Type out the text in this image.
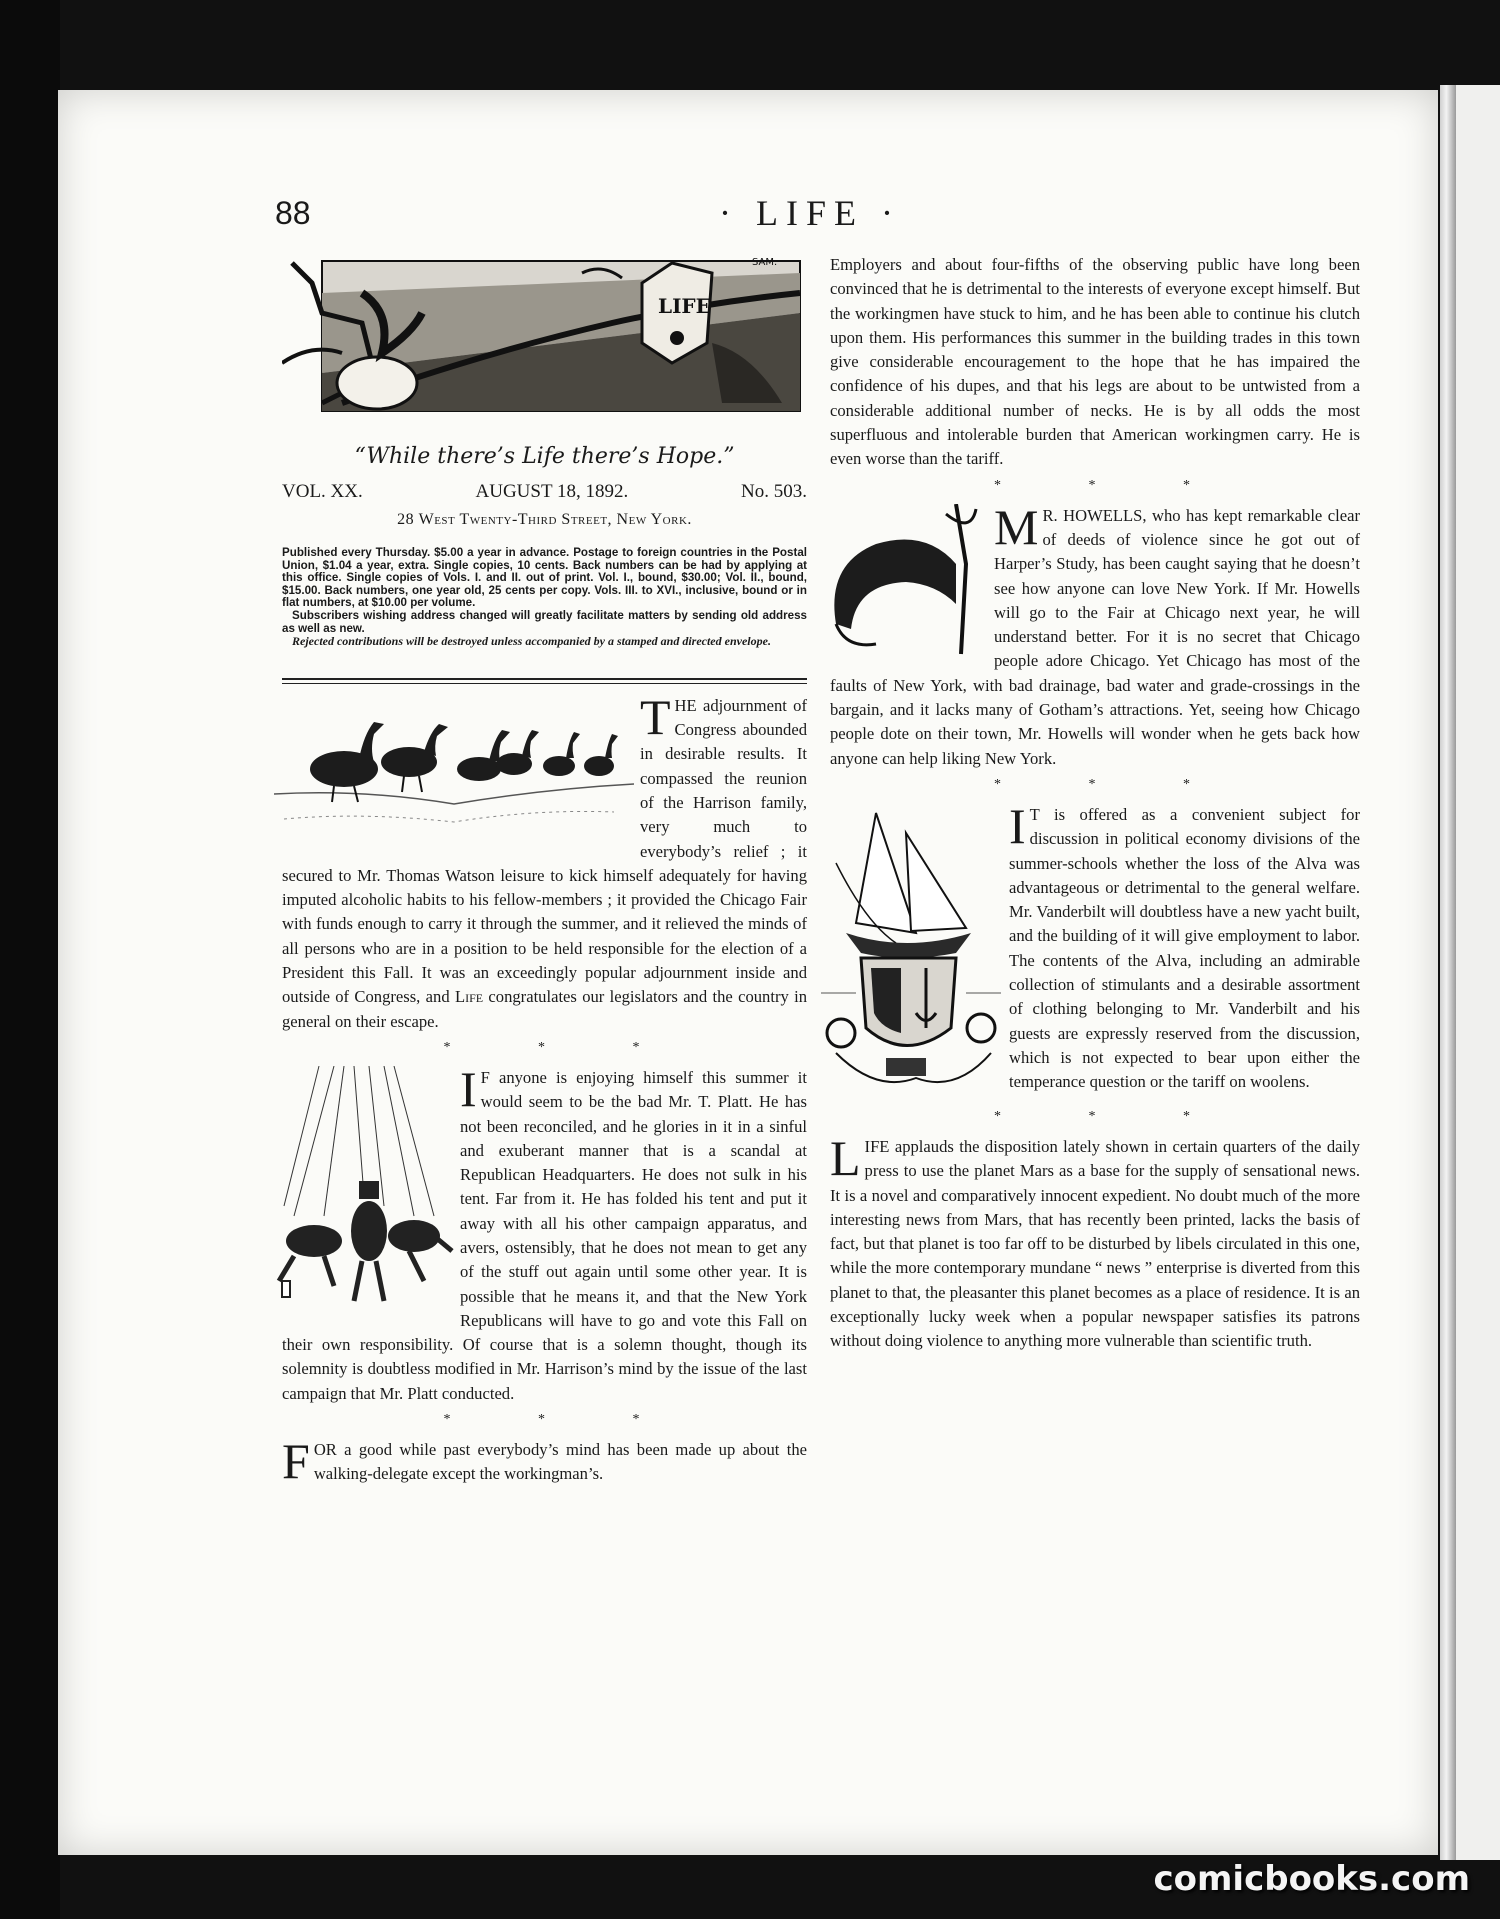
88	· LIFE ·
LIFE
SAM.
“While there’s Life there’s Hope.”
VOL. XX.	AUGUST 18, 1892.	No. 503.
28 West Twenty-Third Street, New York.

Published every Thursday. $5.00 a year in advance. Postage to foreign countries in the Postal Union, $1.04 a year, extra. Single copies, 10 cents. Back numbers can be had by applying at this office. Single copies of Vols. I. and II. out of print. Vol. I., bound, $30.00; Vol. II., bound, $15.00. Back numbers, one year old, 25 cents per copy. Vols. III. to XVI., inclusive, bound or in flat numbers, at $10.00 per volume.

Subscribers wishing address changed will greatly facilitate matters by sending old address as well as new.

Rejected contributions will be destroyed unless accompanied by a stamped and directed envelope.

THE adjournment of Congress abounded in desirable results. It compassed the reunion of the Harrison family, very much to everybody’s relief ; it secured to Mr. Thomas Watson leisure to kick himself adequately for having imputed alcoholic habits to his fellow-members ; it provided the Chicago Fair with funds enough to carry it through the summer, and it relieved the minds of all persons who are in a position to be held responsible for the election of a President this Fall. It was an exceedingly popular adjournment inside and outside of Congress, and Life congratulates our legislators and the country in general on their escape.

* * *

I F anyone is enjoying himself this summer it would seem to be the bad Mr. T. Platt. He has not been reconciled, and he glories in it in a sinful and exuberant manner that is a scandal at Republican Headquarters. He does not sulk in his tent. Far from it. He has folded his tent and put it away with all his other campaign apparatus, and avers, ostensibly, that he does not mean to get any of the stuff out again until some other year. It is possible that he means it, and that the New York Republicans will have to go and vote this Fall on their own responsibility. Of course that is a solemn thought, though its solemnity is doubtless modified in Mr. Harrison’s mind by the issue of the last campaign that Mr. Platt conducted.

* * *

FOR a good while past everybody’s mind has been made up about the walking-delegate except the workingman’s.

Employers and about four-fifths of the observing public have long been convinced that he is detrimental to the interests of everyone except himself. But the workingmen have stuck to him, and he has been able to continue his clutch upon them. His performances this summer in the building trades in this town give considerable encouragement to the hope that he has impaired the confidence of his dupes, and that his legs are about to be untwisted from a considerable additional number of necks. He is by all odds the most superfluous and intolerable burden that American workingmen carry. He is even worse than the tariff.

* * *

M R. HOWELLS, who has kept remarkable clear of deeds of violence since he got out of Harper’s Study, has been caught saying that he doesn’t see how anyone can love New York. If Mr. Howells will go to the Fair at Chicago next year, he will understand better. For it is no secret that Chicago people adore Chicago. Yet Chicago has most of the faults of New York, with bad drainage, bad water and grade-crossings in the bargain, and it lacks many of Gotham’s attractions. Yet, seeing how Chicago people dote on their town, Mr. Howells will wonder when he gets back how anyone can help liking New York.

* * *

I T is offered as a convenient subject for discussion in political economy divisions of the summer-schools whether the loss of the Alva was advantageous or detrimental to the general welfare. Mr. Vanderbilt will doubtless have a new yacht built, and the building of it will give employment to labor. The contents of the Alva, including an admirable collection of stimulants and a desirable assortment of clothing belonging to Mr. Vanderbilt and his guests are expressly reserved from the discussion, which is not expected to bear upon either the temperance question or the tariff on woolens.

* * *

LIFE applauds the disposition lately shown in certain quarters of the daily press to use the planet Mars as a base for the supply of sensational news. It is a novel and comparatively innocent expedient. No doubt much of the more interesting news from Mars, that has recently been printed, lacks the basis of fact, but that planet is too far off to be disturbed by libels circulated in this one, while the more contemporary mundane “ news ” enterprise is diverted from this planet to that, the pleasanter this planet becomes as a place of residence. It is an exceptionally lucky week when a popular newspaper satisfies its patrons without doing violence to anything more vulnerable than scientific truth.

comicbooks.com
